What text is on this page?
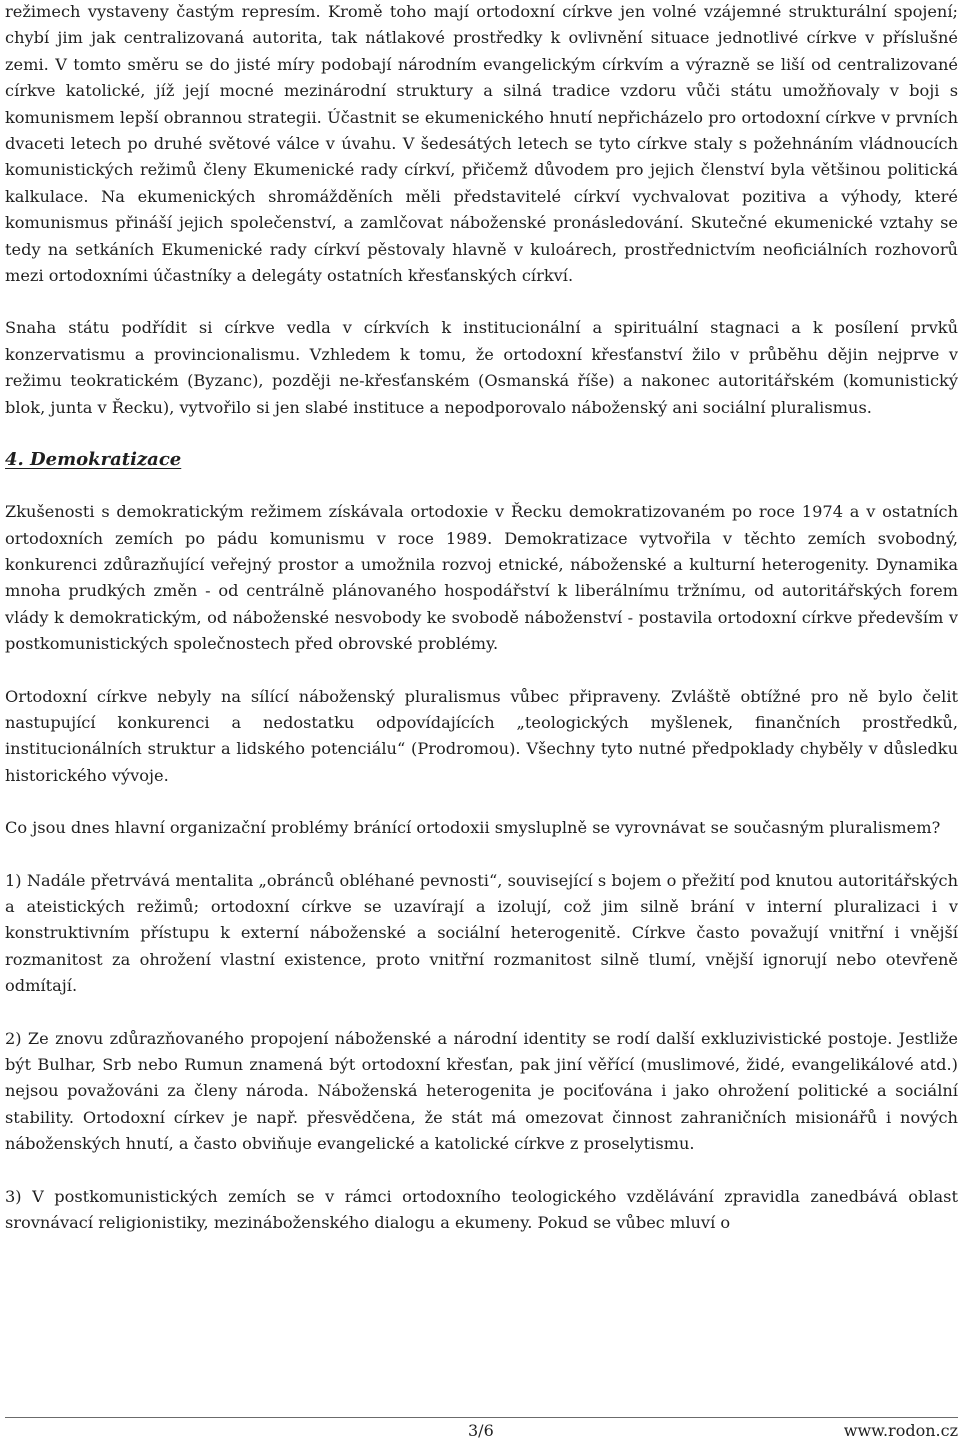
režimech vystaveny častým represím. Kromě toho mají ortodoxní církve jen volné vzájemné strukturální spojení; chybí jim jak centralizovaná autorita, tak nátlakové prostředky k ovlivnění situace jednotlivé církve v příslušné zemi. V tomto směru se do jisté míry podobají národním evangelickým církvím a výrazně se liší od centralizované církve katolické, jíž její mocné mezinárodní struktury a silná tradice vzdoru vůči státu umožňovaly v boji s komunismem lepší obrannou strategii. Účastnit se ekumenického hnutí nepřicházelo pro ortodoxní církve v prvních dvaceti letech po druhé světové válce v úvahu. V šedesátých letech se tyto církve staly s požehnáním vládnoucích komunistických režimů členy Ekumenické rady církví, přičemž důvodem pro jejich členství byla většinou politická kalkulace. Na ekumenických shromážděních měli představitelé církví vychvalovat pozitiva a výhody, které komunismus přináší jejich společenství, a zamlčovat náboženské pronásledování. Skutečné ekumenické vztahy se tedy na setkáních Ekumenické rady církví pěstovaly hlavně v kuloárech, prostřednictvím neoficiálních rozhovorů mezi ortodoxními účastníky a delegáty ostatních křesťanských církví.

Snaha státu podřídit si církve vedla v církvích k institucionální a spirituální stagnaci a k posílení prvků konzervatismu a provincionalismu. Vzhledem k tomu, že ortodoxní křesťanství žilo v průběhu dějin nejprve v režimu teokratickém (Byzanc), později ne-křesťanském (Osmanská říše) a nakonec autoritářském (komunistický blok, junta v Řecku), vytvořilo si jen slabé instituce a nepodporovalo náboženský ani sociální pluralismus.

4. Demokratizace

Zkušenosti s demokratickým režimem získávala ortodoxie v Řecku demokratizovaném po roce 1974 a v ostatních ortodoxních zemích po pádu komunismu v roce 1989. Demokratizace vytvořila v těchto zemích svobodný, konkurenci zdůrazňující veřejný prostor a umožnila rozvoj etnické, náboženské a kulturní heterogenity. Dynamika mnoha prudkých změn - od centrálně plánovaného hospodářství k liberálnímu tržnímu, od autoritářských forem vlády k demokratickým, od náboženské nesvobody ke svobodě náboženství - postavila ortodoxní církve především v postkomunistických společnostech před obrovské problémy.

Ortodoxní církve nebyly na sílící náboženský pluralismus vůbec připraveny. Zvláště obtížné pro ně bylo čelit nastupující konkurenci a nedostatku odpovídajících „teologických myšlenek, finančních prostředků, institucionálních struktur a lidského potenciálu“ (Prodromou). Všechny tyto nutné předpoklady chyběly v důsledku historického vývoje.

Co jsou dnes hlavní organizační problémy bránící ortodoxii smysluplně se vyrovnávat se současným pluralismem?

1) Nadále přetrvává mentalita „obránců obléhané pevnosti“, související s bojem o přežití pod knutou autoritářských a ateistických režimů; ortodoxní církve se uzavírají a izolují, což jim silně brání v interní pluralizaci i v konstruktivním přístupu k externí náboženské a sociální heterogenitě. Církve často považují vnitřní i vnější rozmanitost za ohrožení vlastní existence, proto vnitřní rozmanitost silně tlumí, vnější ignorují nebo otevřeně odmítají.

2) Ze znovu zdůrazňovaného propojení náboženské a národní identity se rodí další exkluzivistické postoje. Jestliže být Bulhar, Srb nebo Rumun znamená být ortodoxní křesťan, pak jiní věřící (muslimové, židé, evangelikálové atd.) nejsou považováni za členy národa. Náboženská heterogenita je pociťována i jako ohrožení politické a sociální stability. Ortodoxní církev je např. přesvědčena, že stát má omezovat činnost zahraničních misionářů i nových náboženských hnutí, a často obviňuje evangelické a katolické církve z proselytismu.

3) V postkomunistických zemích se v rámci ortodoxního teologického vzdělávání zpravidla zanedbává oblast srovnávací religionistiky, mezináboženského dialogu a ekumeny. Pokud se vůbec mluví o

3/6	www.rodon.cz
